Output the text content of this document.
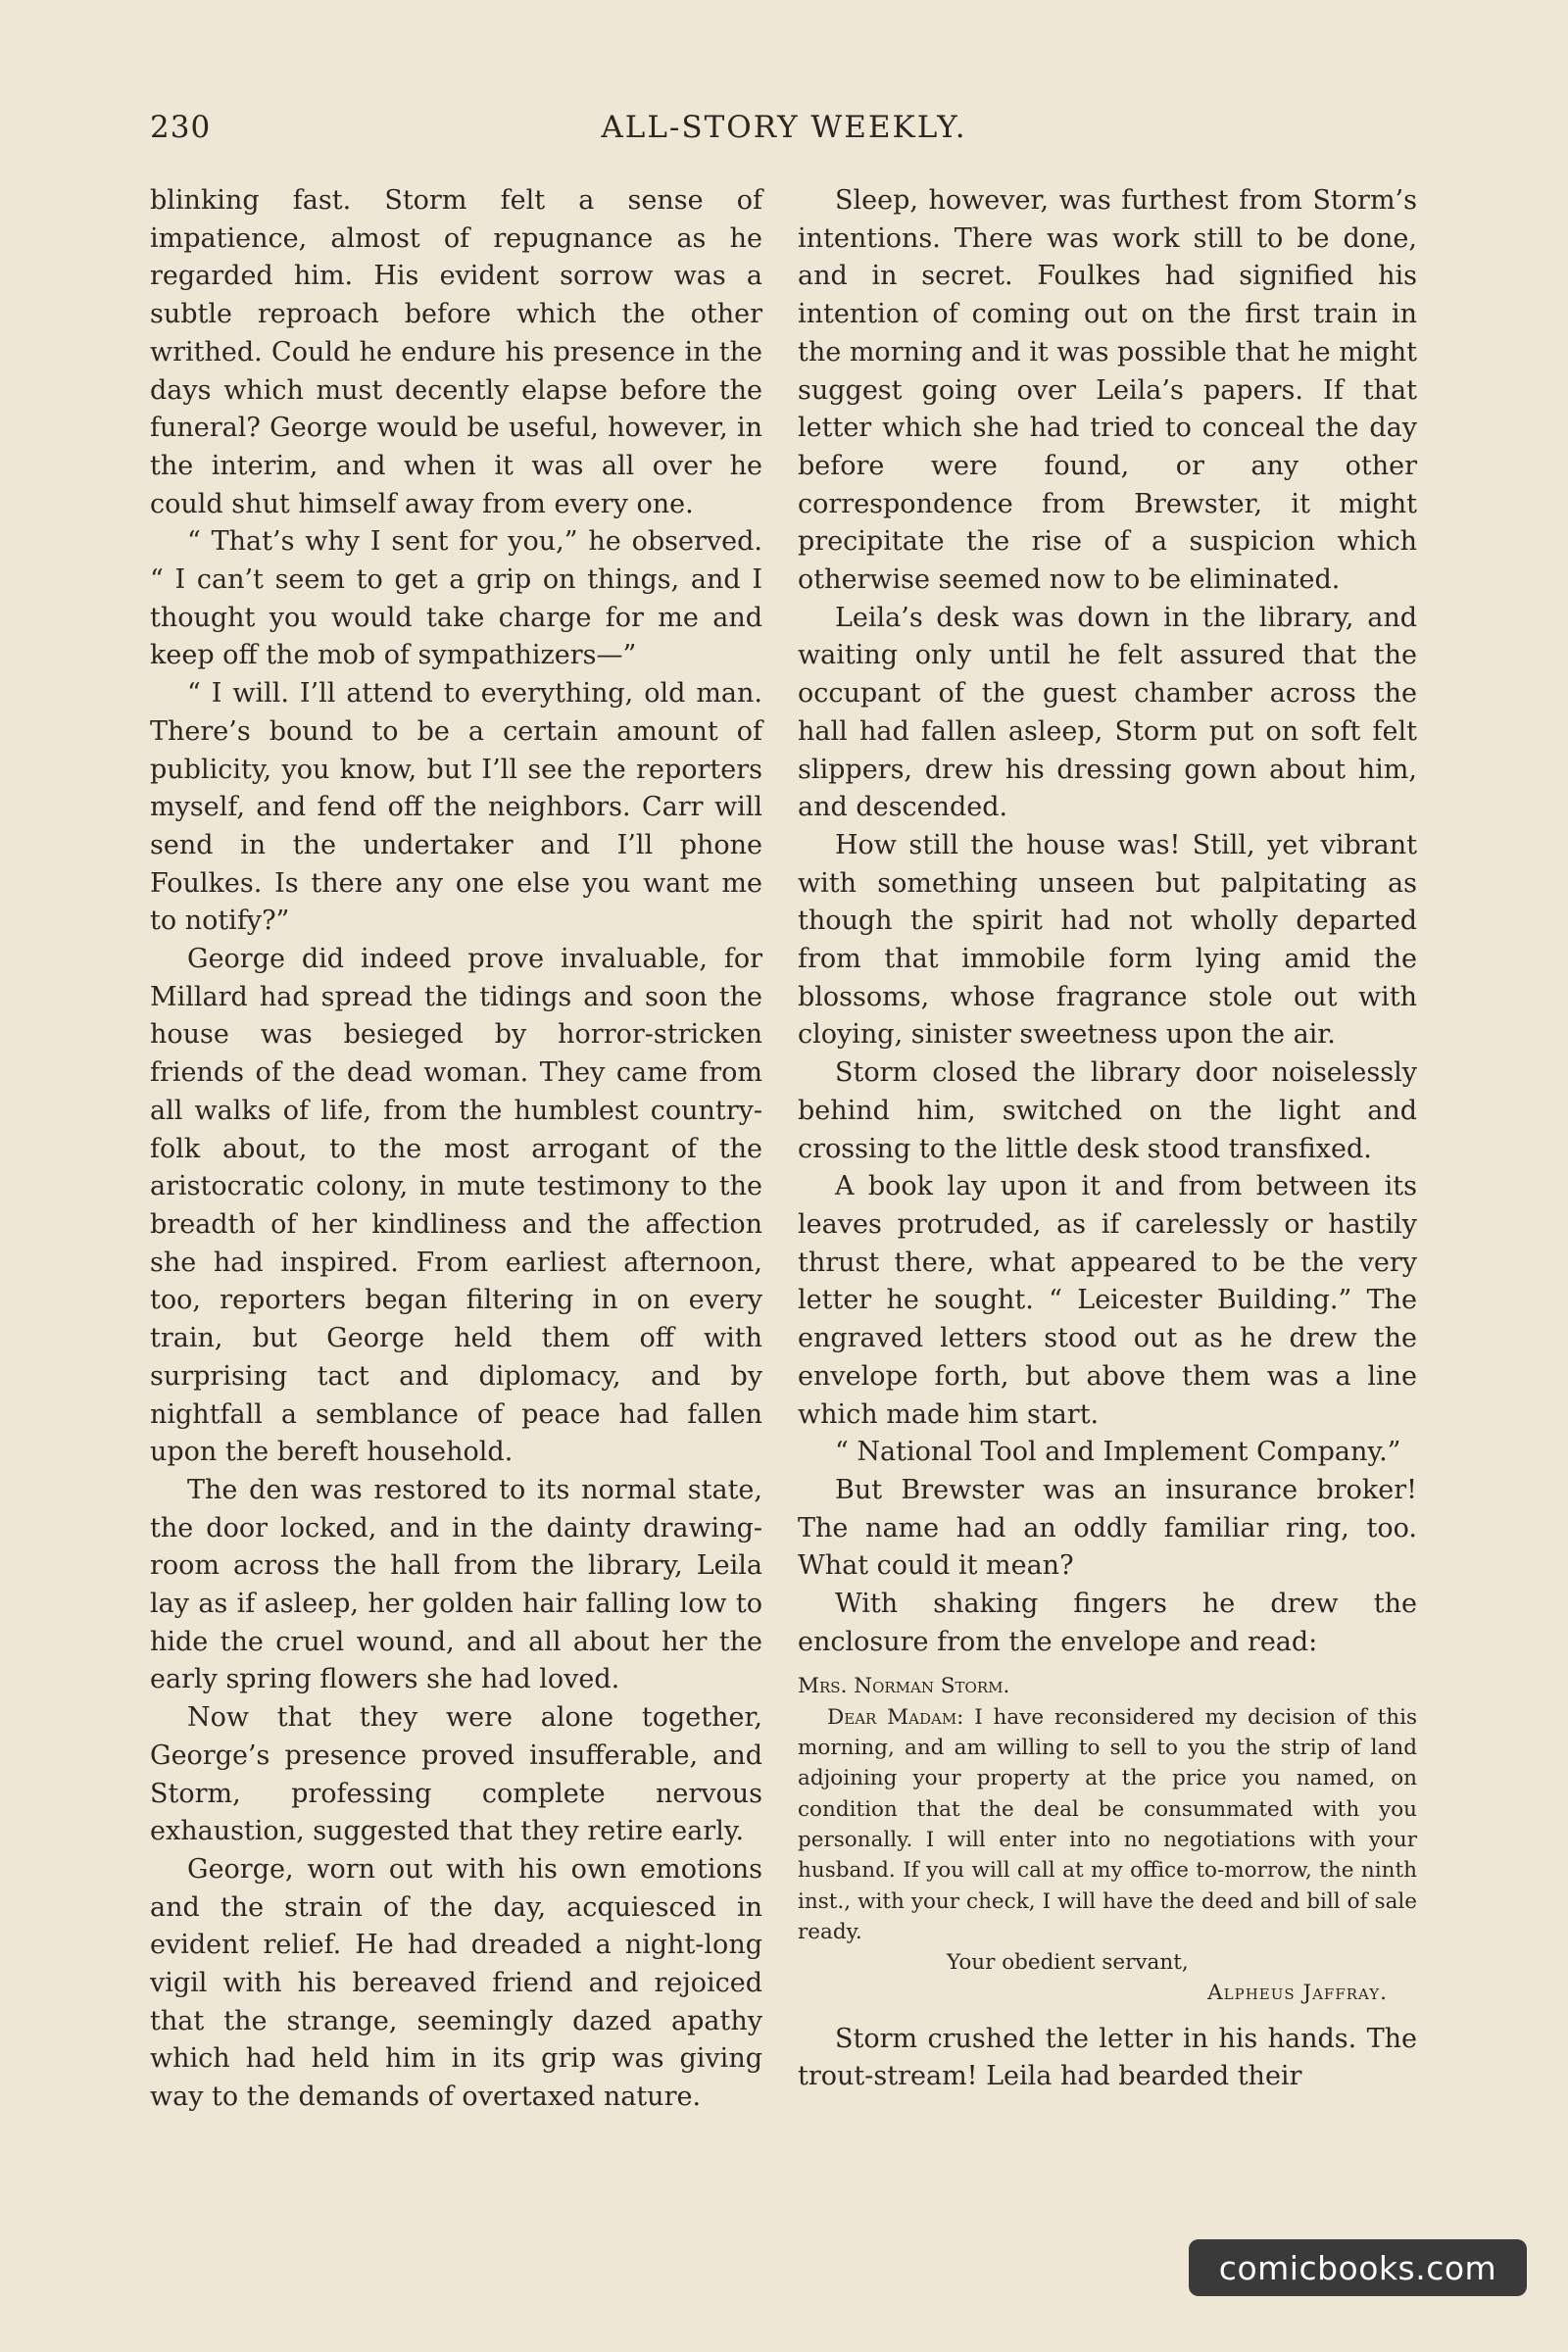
230	ALL-STORY WEEKLY.

blinking fast. Storm felt a sense of impatience, almost of repugnance as he regarded him. His evident sorrow was a subtle reproach before which the other writhed. Could he endure his presence in the days which must decently elapse before the funeral? George would be useful, however, in the interim, and when it was all over he could shut himself away from every one.

“ That’s why I sent for you,” he observed. “ I can’t seem to get a grip on things, and I thought you would take charge for me and keep off the mob of sympathizers—”

“ I will. I’ll attend to everything, old man. There’s bound to be a certain amount of publicity, you know, but I’ll see the reporters myself, and fend off the neighbors. Carr will send in the undertaker and I’ll phone Foulkes. Is there any one else you want me to notify?”

George did indeed prove invaluable, for Millard had spread the tidings and soon the house was besieged by horror-stricken friends of the dead woman. They came from all walks of life, from the humblest country-folk about, to the most arrogant of the aristocratic colony, in mute testimony to the breadth of her kindliness and the affection she had inspired. From earliest afternoon, too, reporters began filtering in on every train, but George held them off with surprising tact and diplomacy, and by nightfall a semblance of peace had fallen upon the bereft household.

The den was restored to its normal state, the door locked, and in the dainty drawing-room across the hall from the library, Leila lay as if asleep, her golden hair falling low to hide the cruel wound, and all about her the early spring flowers she had loved.

Now that they were alone together, George’s presence proved insufferable, and Storm, professing complete nervous exhaustion, suggested that they retire early.

George, worn out with his own emotions and the strain of the day, acquiesced in evident relief. He had dreaded a night-long vigil with his bereaved friend and rejoiced that the strange, seemingly dazed apathy which had held him in its grip was giving way to the demands of overtaxed nature.

Sleep, however, was furthest from Storm’s intentions. There was work still to be done, and in secret. Foulkes had signified his intention of coming out on the first train in the morning and it was possible that he might suggest going over Leila’s papers. If that letter which she had tried to conceal the day before were found, or any other correspondence from Brewster, it might precipitate the rise of a suspicion which otherwise seemed now to be eliminated.

Leila’s desk was down in the library, and waiting only until he felt assured that the occupant of the guest chamber across the hall had fallen asleep, Storm put on soft felt slippers, drew his dressing gown about him, and descended.

How still the house was! Still, yet vibrant with something unseen but palpitating as though the spirit had not wholly departed from that immobile form lying amid the blossoms, whose fragrance stole out with cloying, sinister sweetness upon the air.

Storm closed the library door noiselessly behind him, switched on the light and crossing to the little desk stood transfixed.

A book lay upon it and from between its leaves protruded, as if carelessly or hastily thrust there, what appeared to be the very letter he sought. “ Leicester Building.” The engraved letters stood out as he drew the envelope forth, but above them was a line which made him start.

“ National Tool and Implement Company.”

But Brewster was an insurance broker! The name had an oddly familiar ring, too. What could it mean?

With shaking fingers he drew the enclosure from the envelope and read:

Mrs. Norman Storm.

Dear Madam: I have reconsidered my decision of this morning, and am willing to sell to you the strip of land adjoining your property at the price you named, on condition that the deal be consummated with you personally. I will enter into no negotiations with your husband. If you will call at my office to-morrow, the ninth inst., with your check, I will have the deed and bill of sale ready.

Your obedient servant,

Alpheus Jaffray.

Storm crushed the letter in his hands. The trout-stream! Leila had bearded their

comicbooks.com
